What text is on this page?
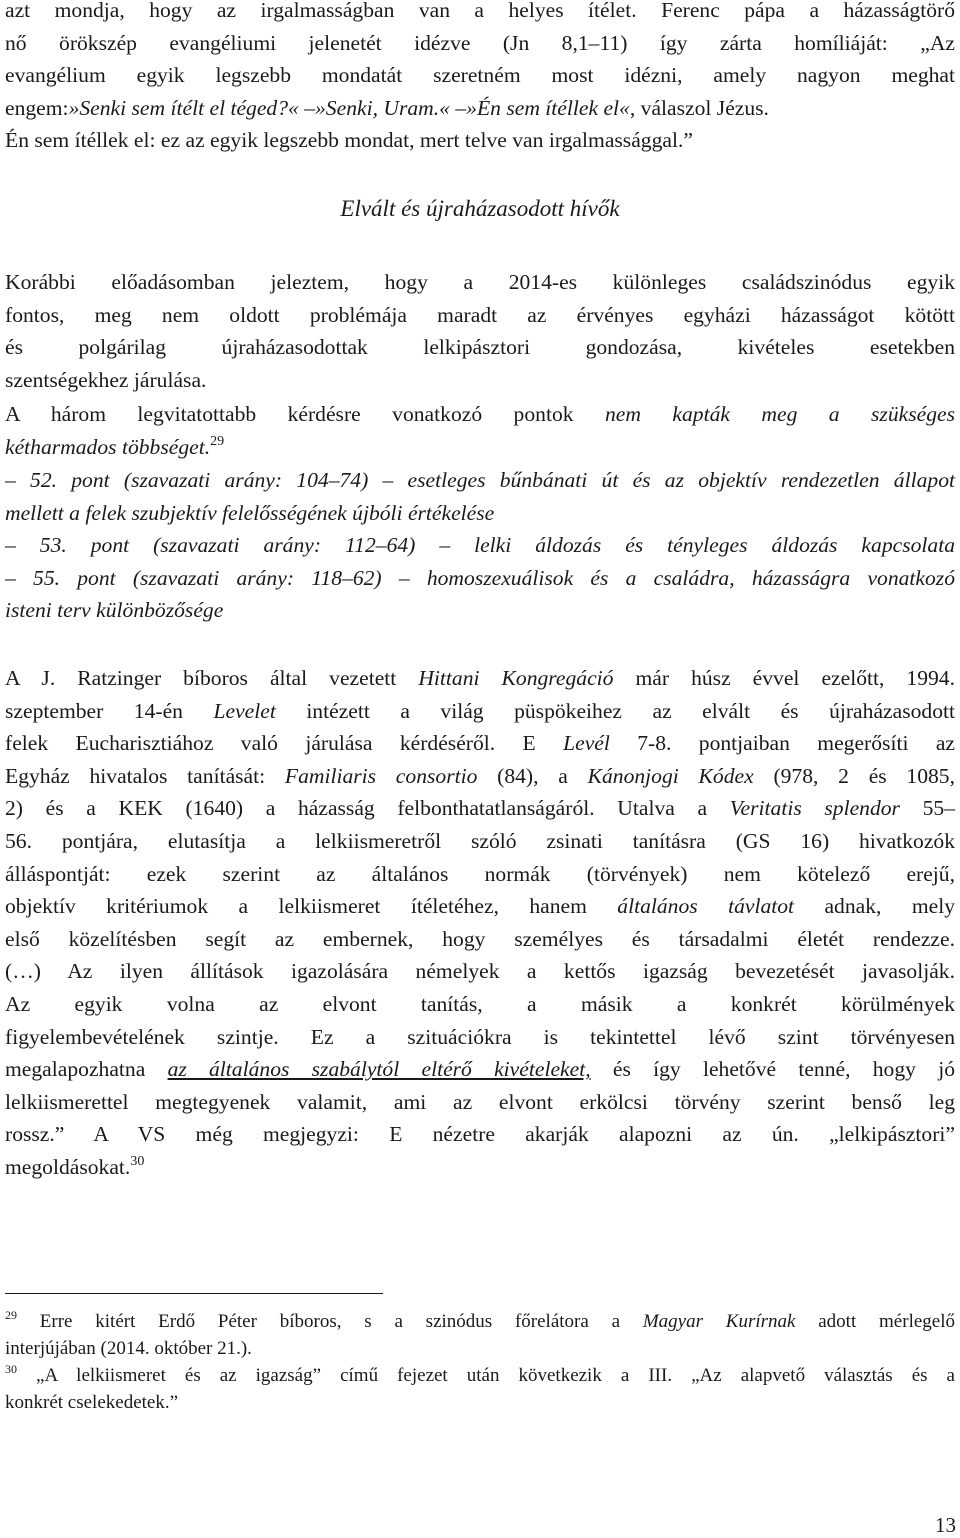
azt mondja, hogy az irgalmasságban van a helyes ítélet. Ferenc pápa a házasságtörő
nő örökszép evangéliumi jelenetét idézve (Jn 8,1–11) így zárta homíliáját: „Az
evangélium egyik legszebb mondatát szeretném most idézni, amely nagyon meghat
engem:»Senki sem ítélt el téged?« –»Senki, Uram.« –»Én sem ítéllek el«, válaszol Jézus.
Én sem ítéllek el: ez az egyik legszebb mondat, mert telve van irgalmassággal.”
Elvált és újraházasodott hívők
Korábbi előadásomban jeleztem, hogy a 2014-es különleges családszinódus egyik
fontos, meg nem oldott problémája maradt az érvényes egyházi házasságot kötött
és polgárilag újraházasodottak lelkipásztori gondozása, kivételes esetekben
szentségekhez járulása.
A három legvitatottabb kérdésre vonatkozó pontok nem kapták meg a szükséges
kétharmados többséget.$^{29}$
– 52. pont (szavazati arány: 104–74) – esetleges bűnbánati út és az objektív rendezetlen állapot
mellett a felek szubjektív felelősségének újbóli értékelése
– 53. pont (szavazati arány: 112–64) – lelki áldozás és tényleges áldozás kapcsolata
– 55. pont (szavazati arány: 118–62) – homoszexuálisok és a családra, házasságra vonatkozó
isteni terv különbözősége
A J. Ratzinger bíboros által vezetett Hittani Kongregáció már húsz évvel ezelőtt, 1994.
szeptember 14-én Levelet intézett a világ püspökeihez az elvált és újraházasodott
felek Eucharisztiához való járulása kérdéséről. E Levél 7-8. pontjaiban megerősíti az
Egyház hivatalos tanítását: Familiaris consortio (84), a Kánonjogi Kódex (978, 2 és 1085,
2) és a KEK (1640) a házasság felbonthatatlanságáról. Utalva a Veritatis splendor 55–
56. pontjára, elutasítja a lelkiismeretről szóló zsinati tanításra (GS 16) hivatkozók
álláspontját: ezek szerint az általános normák (törvények) nem kötelező erejű,
objektív kritériumok a lelkiismeret ítéletéhez, hanem általános távlatot adnak, mely
első közelítésben segít az embernek, hogy személyes és társadalmi életét rendezze.
(…) Az ilyen állítások igazolására némelyek a kettős igazság bevezetését javasolják.
Az egyik volna az elvont tanítás, a másik a konkrét körülmények
figyelembevételének szintje. Ez a szituációkra is tekintettel lévő szint törvényesen
megalapozhatna az általános szabálytól eltérő kivételeket, és így lehetővé tenné, hogy jó
lelkiismerettel megtegyenek valamit, ami az elvont erkölcsi törvény szerint benső leg
rossz.” A VS még megjegyzi: E nézetre akarják alapozni az ún. „lelkipásztori”
megoldásokat.$^{30}$
$^{29}$ Erre kitért Erdő Péter bíboros, s a szinódus főrelátora a Magyar Kurírnak adott mérlegelő
interjújában (2014. október 21.).
$^{30}$ „A lelkiismeret és az igazság” című fejezet után következik a III. „Az alapvető választás és a
konkrét cselekedetek.”
13
